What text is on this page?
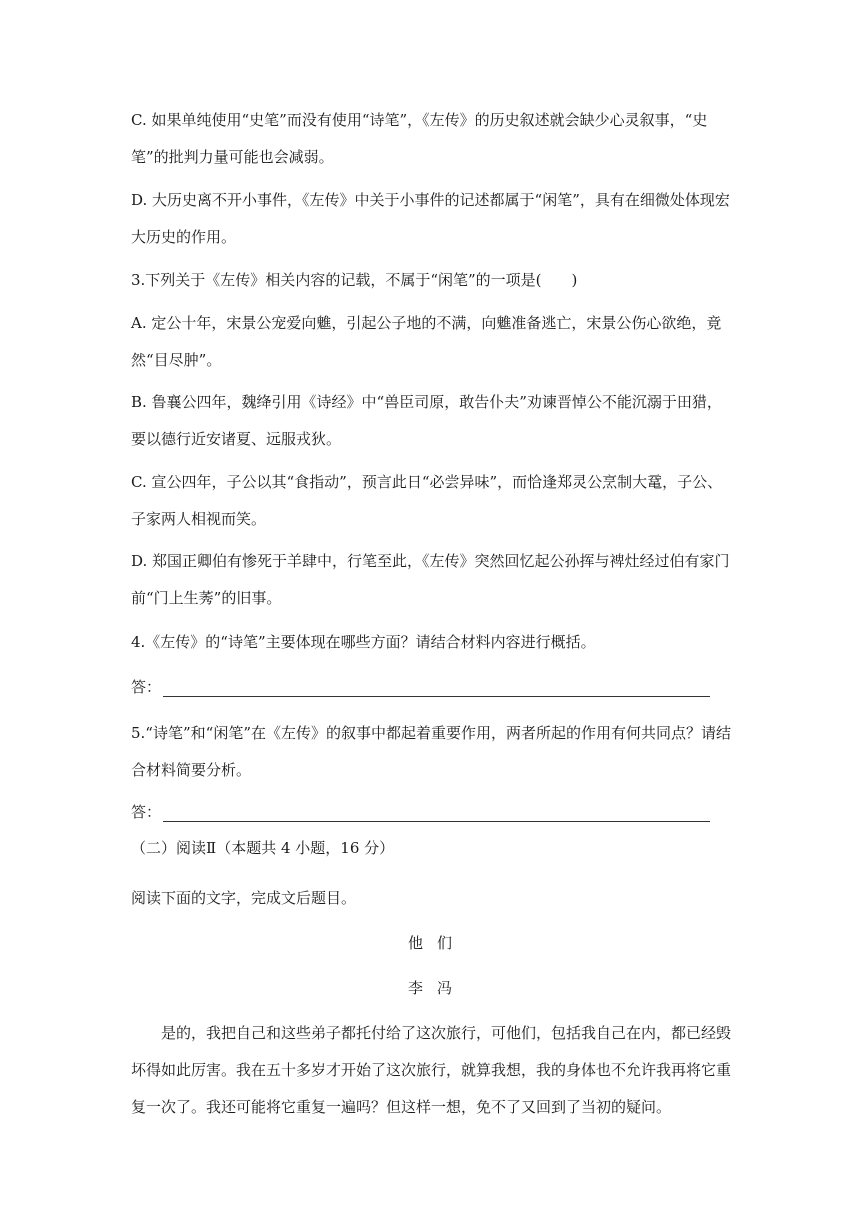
C. 如果单纯使用“史笔”而没有使用“诗笔”，《左传》的历史叙述就会缺少心灵叙事，“史笔”的批判力量可能也会减弱。
D. 大历史离不开小事件，《左传》中关于小事件的记述都属于“闲笔”，具有在细微处体现宏大历史的作用。
3.下列关于《左传》相关内容的记载，不属于“闲笔”的一项是(　　)
A. 定公十年，宋景公宠爱向魋，引起公子地的不满，向魋准备逃亡，宋景公伤心欲绝，竟然“目尽肿”。
B. 鲁襄公四年，魏绛引用《诗经》中“兽臣司原，敢告仆夫”劝谏晋悼公不能沉溺于田猎，要以德行近安诸夏、远服戎狄。
C. 宣公四年，子公以其“食指动”，预言此日“必尝异味”，而恰逢郑灵公烹制大鼋，子公、子家两人相视而笑。
D. 郑国正卿伯有惨死于羊肆中，行笔至此，《左传》突然回忆起公孙挥与裨灶经过伯有家门前“门上生莠”的旧事。
4.《左传》的“诗笔”主要体现在哪些方面？请结合材料内容进行概括。
答：
5.“诗笔”和“闲笔”在《左传》的叙事中都起着重要作用，两者所起的作用有何共同点？请结合材料简要分析。
答：
（二）阅读Ⅱ（本题共 4 小题，16 分）
阅读下面的文字，完成文后题目。
他们
李冯
是的，我把自己和这些弟子都托付给了这次旅行，可他们，包括我自己在内，都已经毁坏得如此厉害。我在五十多岁才开始了这次旅行，就算我想，我的身体也不允许我再将它重复一次了。我还可能将它重复一遍吗？但这样一想，免不了又回到了当初的疑问。
